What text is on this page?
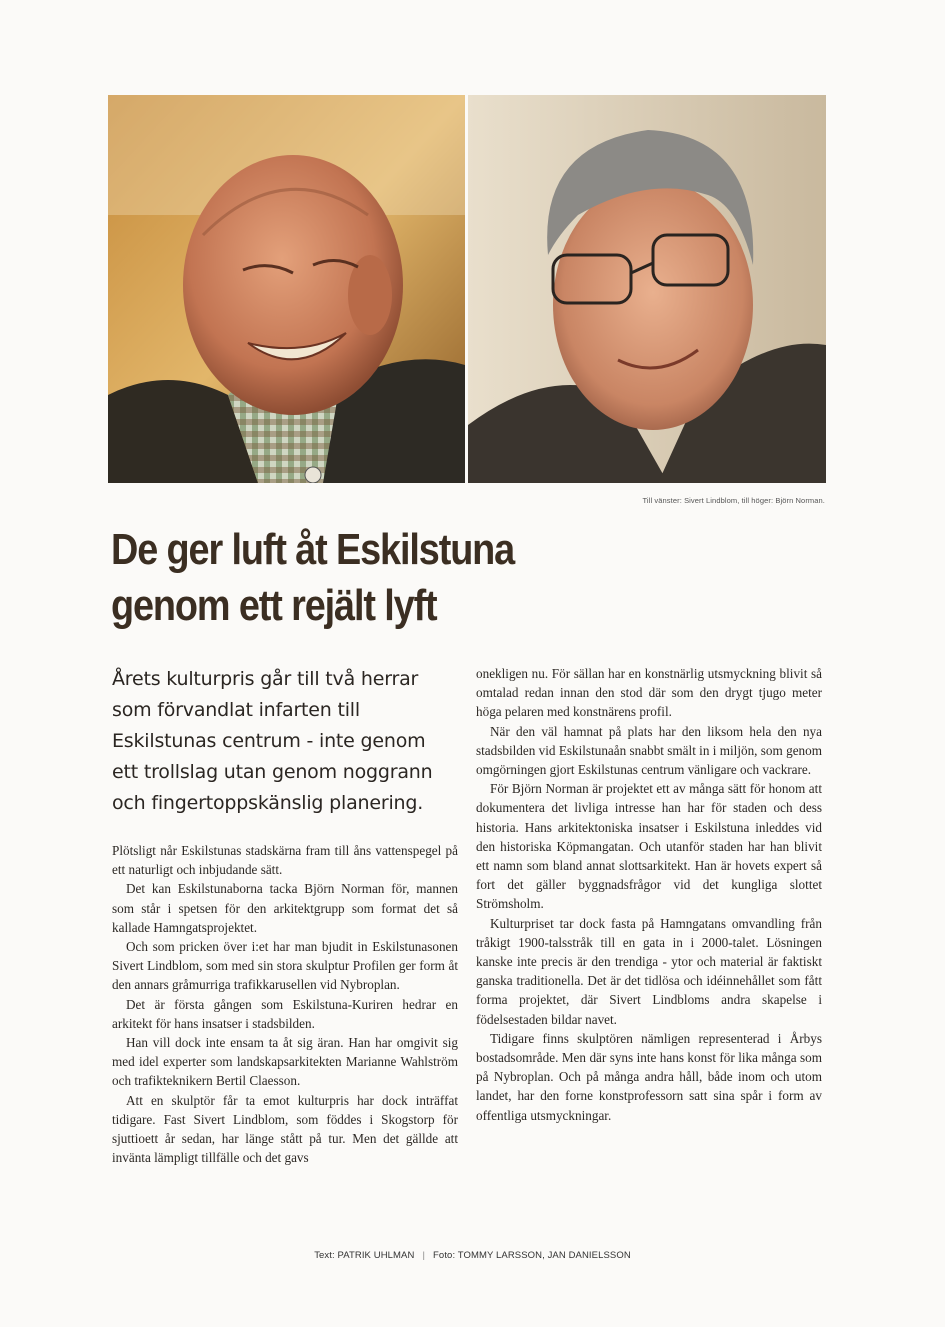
Till vänster: Sivert Lindblom, till höger: Björn Norman.
De ger luft åt Eskilstuna
genom ett rejält lyft
Årets kulturpris går till två herrar
som förvandlat infarten till
Eskilstunas centrum - inte genom
ett trollslag utan genom noggrann
och fingertoppskänslig planering.

Plötsligt når Eskilstunas stadskärna fram till åns vattenspegel på ett naturligt och inbjudande sätt.

Det kan Eskilstunaborna tacka Björn Norman för, mannen som står i spetsen för den arkitektgrupp som format det så kallade Hamngatsprojektet.

Och som pricken över i:et har man bjudit in Eskilstunasonen Sivert Lindblom, som med sin stora skulptur Profilen ger form åt den annars gråmurriga trafikkarusellen vid Nybroplan.

Det är första gången som Eskilstuna-Kuriren hedrar en arkitekt för hans insatser i stadsbilden.

Han vill dock inte ensam ta åt sig äran. Han har omgivit sig med idel experter som landskapsarkitekten Marianne Wahlström och trafikteknikern Bertil Claesson.

Att en skulptör får ta emot kulturpris har dock inträffat tidigare. Fast Sivert Lindblom, som föddes i Skogstorp för sjuttioett år sedan, har länge stått på tur. Men det gällde att invänta lämpligt tillfälle och det gavs

onekligen nu. För sällan har en konstnärlig utsmyckning blivit så omtalad redan innan den stod där som den drygt tjugo meter höga pelaren med konstnärens profil.

När den väl hamnat på plats har den liksom hela den nya stadsbilden vid Eskilstunaån snabbt smält in i miljön, som genom omgörningen gjort Eskilstunas centrum vänligare och vackrare.

För Björn Norman är projektet ett av många sätt för honom att dokumentera det livliga intresse han har för staden och dess historia. Hans arkitektoniska insatser i Eskilstuna inleddes vid den historiska Köpmangatan. Och utanför staden har han blivit ett namn som bland annat slottsarkitekt. Han är hovets expert så fort det gäller byggnadsfrågor vid det kungliga slottet Strömsholm.

Kulturpriset tar dock fasta på Hamngatans omvandling från tråkigt 1900-talsstråk till en gata in i 2000-talet. Lösningen kanske inte precis är den trendiga - ytor och material är faktiskt ganska traditionella. Det är det tidlösa och idéinnehållet som fått forma projektet, där Sivert Lindbloms andra skapelse i födelsestaden bildar navet.

Tidigare finns skulptören nämligen representerad i Årbys bostadsområde. Men där syns inte hans konst för lika många som på Nybroplan. Och på många andra håll, både inom och utom landet, har den forne konstprofessorn satt sina spår i form av offentliga utsmyckningar.

Text: PATRIK UHLMAN | Foto: TOMMY LARSSON, JAN DANIELSSON
